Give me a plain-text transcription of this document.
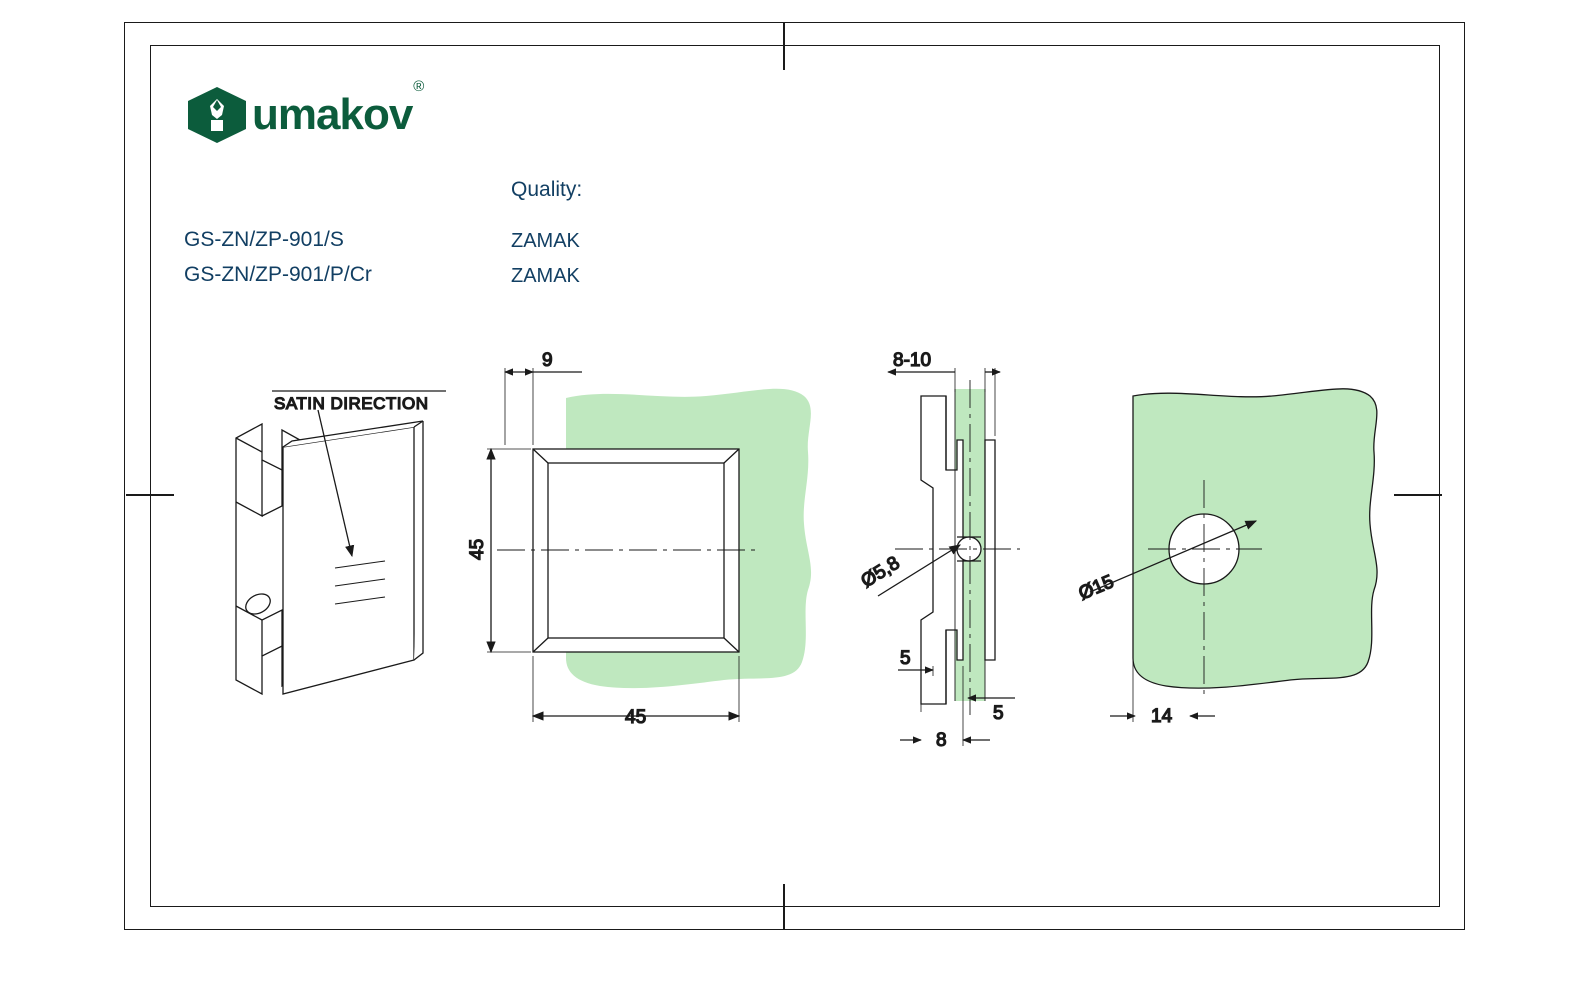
umakov®
GS-ZN/ZP-901/S
GS-ZN/ZP-901/P/Cr
Quality:
ZAMAK
ZAMAK
SATIN DIRECTION
9
45
45
8-10
Ø5,8
5
5
8
Ø15
14
